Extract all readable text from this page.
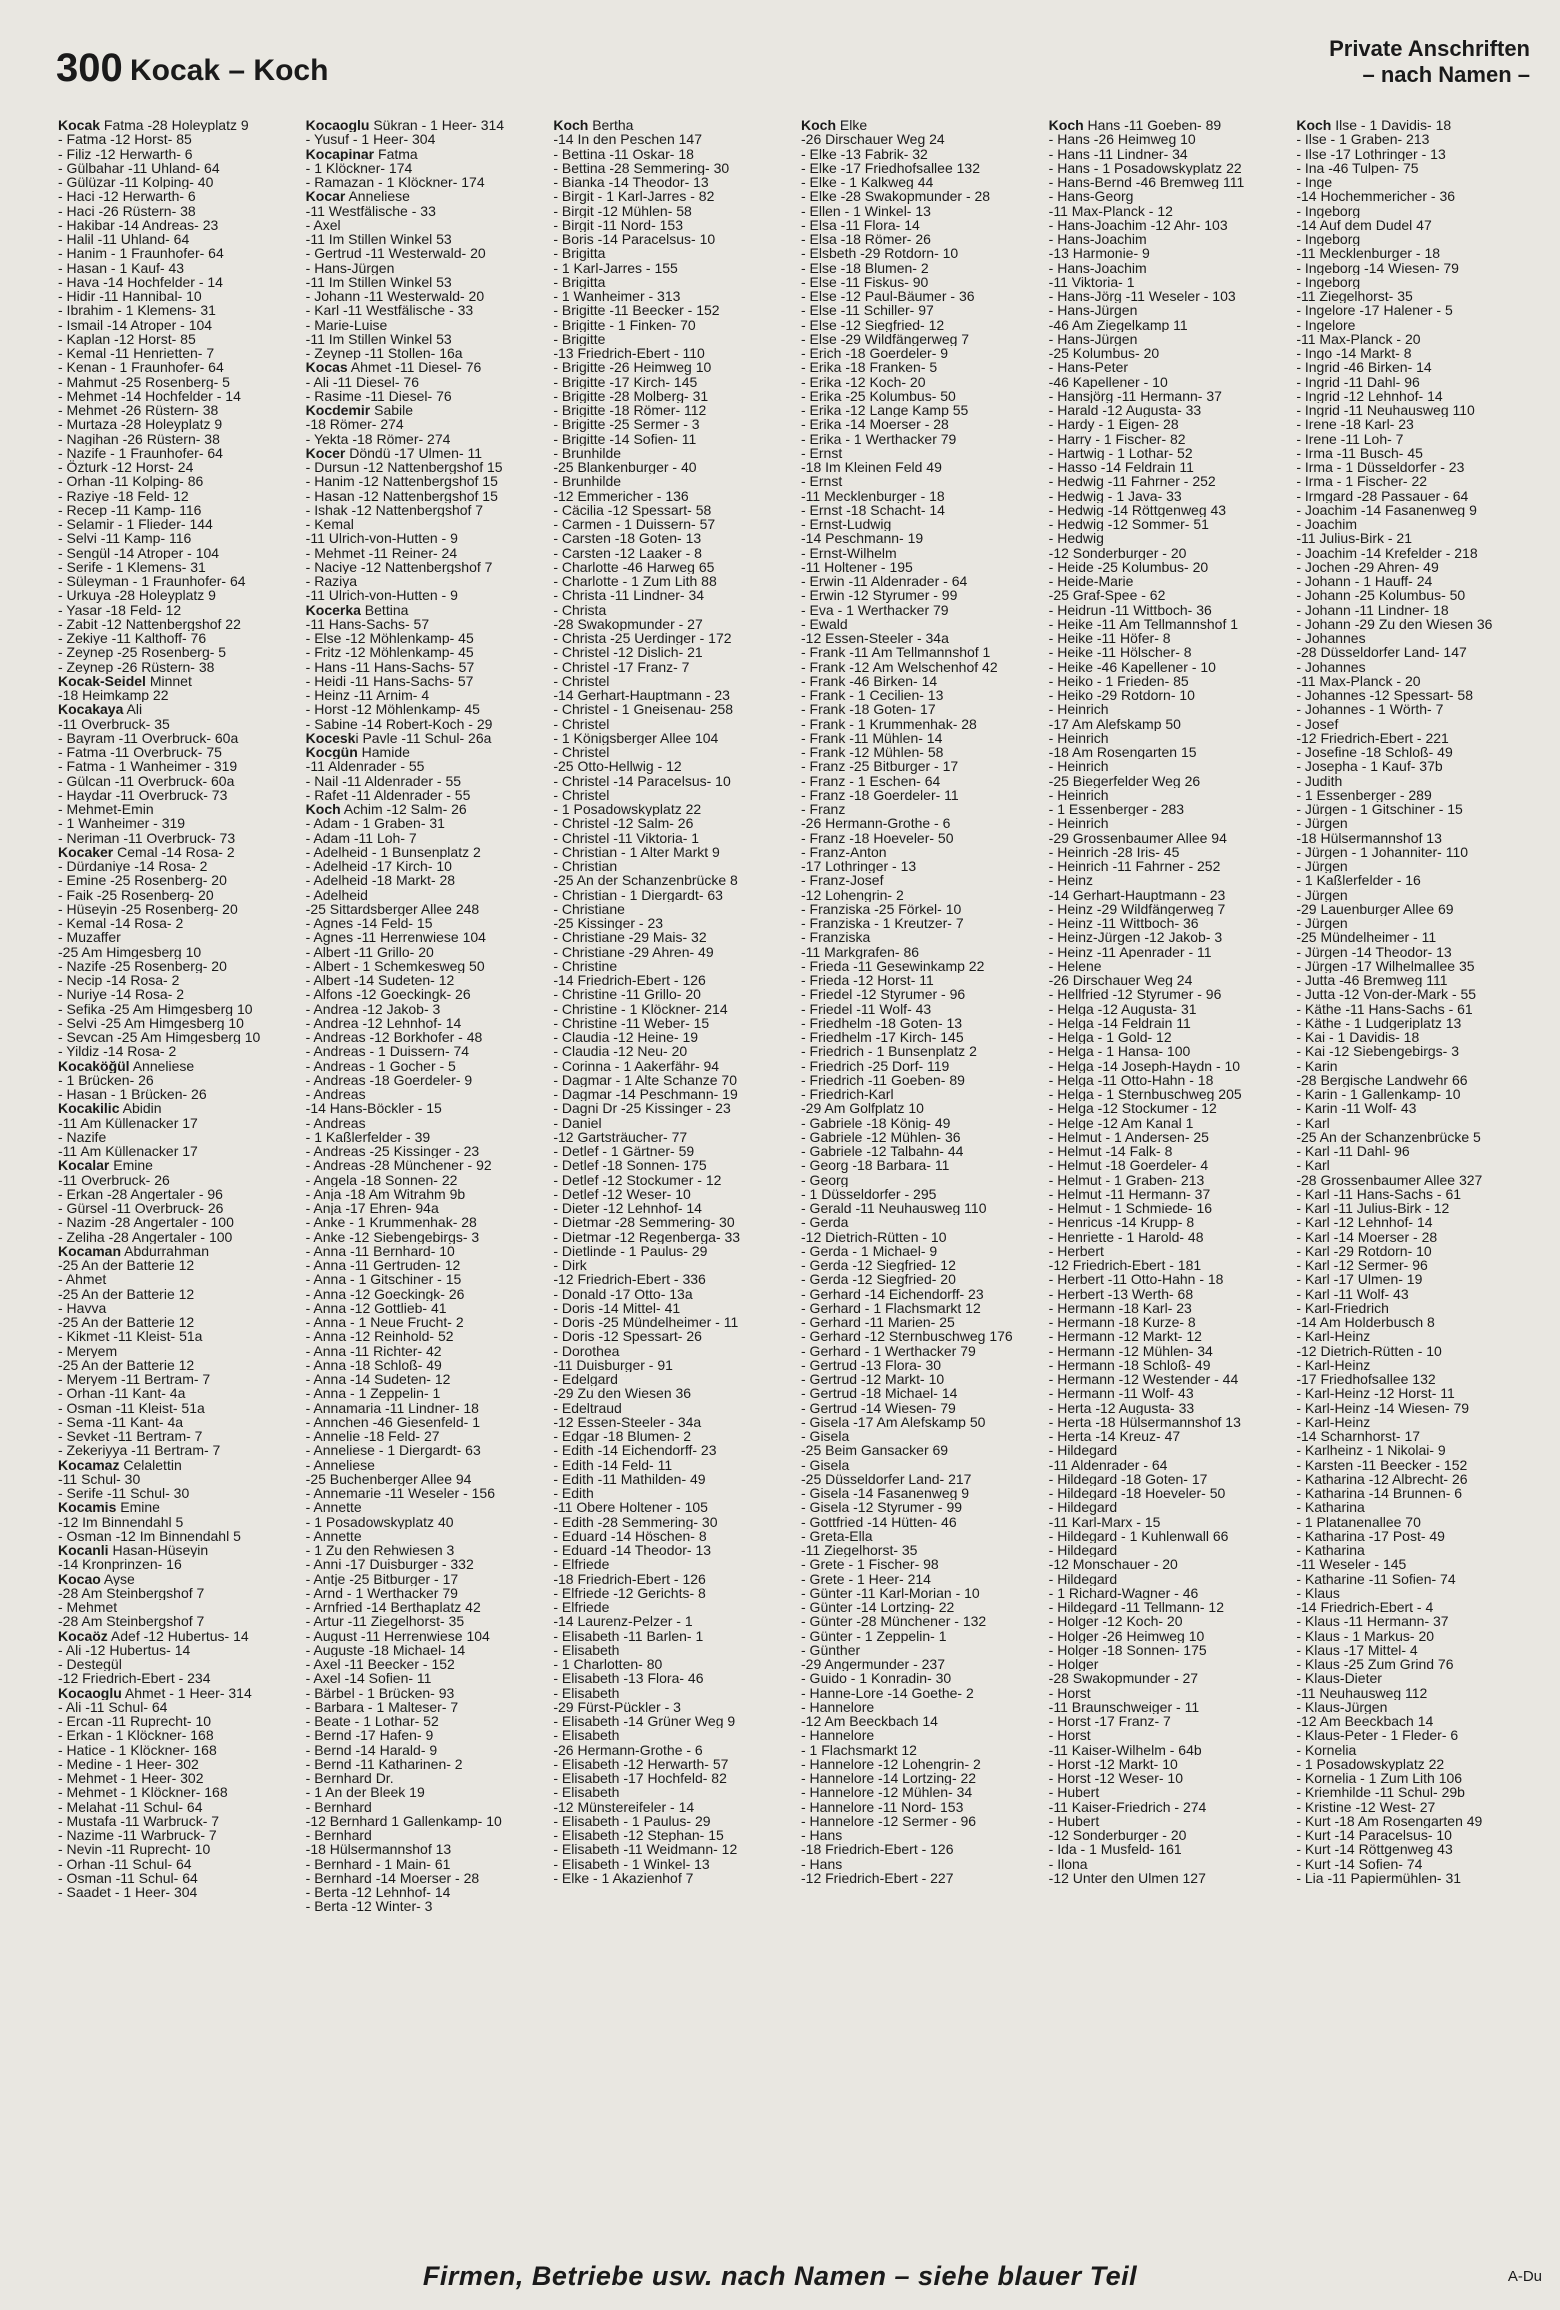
300 Kocak – Koch
Private Anschriften
– nach Namen –
Kocak Fatma -28 Holeyplatz 9
- Fatma -12 Horst- 85
- Filiz -12 Herwarth- 6
- Gülbahar -11 Uhland- 64
- Gülüzar -11 Kolping- 40
- Haci -12 Herwarth- 6
- Haci -26 Rüstern- 38
- Hakibar -14 Andreas- 23
- Halil -11 Uhland- 64
- Hanim - 1 Fraunhofer- 64
- Hasan - 1 Kauf- 43
- Hava -14 Hochfelder - 14
- Hidir -11 Hannibal- 10
- Ibrahim - 1 Klemens- 31
- Ismail -14 Atroper - 104
- Kaplan -12 Horst- 85
- Kemal -11 Henrietten- 7
- Kenan - 1 Fraunhofer- 64
- Mahmut -25 Rosenberg- 5
- Mehmet -14 Hochfelder - 14
- Mehmet -26 Rüstern- 38
- Murtaza -28 Holeyplatz 9
- Nagihan -26 Rüstern- 38
- Nazife - 1 Fraunhofer- 64
- Özturk -12 Horst- 24
- Orhan -11 Kolping- 86
- Raziye -18 Feld- 12
- Recep -11 Kamp- 116
- Selamir - 1 Flieder- 144
- Selvi -11 Kamp- 116
- Sengül -14 Atroper - 104
- Serife - 1 Klemens- 31
- Süleyman - 1 Fraunhofer- 64
- Urkuya -28 Holeyplatz 9
- Yasar -18 Feld- 12
- Zabit -12 Nattenbergshof 22
- Zekiye -11 Kalthoff- 76
- Zeynep -25 Rosenberg- 5
- Zeynep -26 Rüstern- 38
Kocak-Seidel Minnet
-18 Heimkamp 22
Kocakaya Ali
-11 Overbruck- 35
- Bayram -11 Overbruck- 60a
- Fatma -11 Overbruck- 75
- Fatma - 1 Wanheimer - 319
- Gülcan -11 Overbruck- 60a
- Haydar -11 Overbruck- 73
- Mehmet-Emin
- 1 Wanheimer - 319
- Neriman -11 Overbruck- 73
Kocaker Cemal -14 Rosa- 2
- Dürdaniye -14 Rosa- 2
- Emine -25 Rosenberg- 20
- Faik -25 Rosenberg- 20
- Hüseyin -25 Rosenberg- 20
- Kemal -14 Rosa- 2
- Muzaffer
-25 Am Himgesberg 10
- Nazife -25 Rosenberg- 20
- Necip -14 Rosa- 2
- Nuriye -14 Rosa- 2
- Sefika -25 Am Himgesberg 10
- Selvi -25 Am Himgesberg 10
- Sevcan -25 Am Himgesberg 10
- Yildiz -14 Rosa- 2
Kocaköğül Anneliese
- 1 Brücken- 26
- Hasan - 1 Brücken- 26
Kocakilic Abidin
-11 Am Küllenacker 17
- Nazife
-11 Am Küllenacker 17
Kocalar Emine
-11 Overbruck- 26
- Erkan -28 Angertaler - 96
- Gürsel -11 Overbruck- 26
- Nazim -28 Angertaler - 100
- Zeliha -28 Angertaler - 100
Kocaman Abdurrahman
-25 An der Batterie 12
- Ahmet
-25 An der Batterie 12
- Havva
-25 An der Batterie 12
- Kikmet -11 Kleist- 51a
- Meryem
-25 An der Batterie 12
- Meryem -11 Bertram- 7
- Orhan -11 Kant- 4a
- Osman -11 Kleist- 51a
- Sema -11 Kant- 4a
- Sevket -11 Bertram- 7
- Zekeriyya -11 Bertram- 7
Kocamaz Celalettin
-11 Schul- 30
- Serife -11 Schul- 30
Kocamis Emine
-12 Im Binnendahl 5
- Osman -12 Im Binnendahl 5
Kocanli Hasan-Hüseyin
-14 Kronprinzen- 16
Kocao Ayse
-28 Am Steinbergshof 7
- Mehmet
-28 Am Steinbergshof 7
Kocaöz Adef -12 Hubertus- 14
- Ali -12 Hubertus- 14
- Destegül
-12 Friedrich-Ebert - 234
Kocaoglu Ahmet - 1 Heer- 314
- Ali -11 Schul- 64
- Ercan -11 Ruprecht- 10
- Erkan - 1 Klöckner- 168
- Hatice - 1 Klöckner- 168
- Medine - 1 Heer- 302
- Mehmet - 1 Heer- 302
- Mehmet - 1 Klöckner- 168
- Melahat -11 Schul- 64
- Mustafa -11 Warbruck- 7
- Nazime -11 Warbruck- 7
- Nevin -11 Ruprecht- 10
- Orhan -11 Schul- 64
- Osman -11 Schul- 64
- Saadet - 1 Heer- 304
Kocaoglu Sükran - 1 Heer- 314
- Yusuf - 1 Heer- 304
Kocapinar Fatma
- 1 Klöckner- 174
- Ramazan - 1 Klöckner- 174
Kocar Anneliese
-11 Westfälische - 33
- Axel
-11 Im Stillen Winkel 53
- Gertrud -11 Westerwald- 20
- Hans-Jürgen
-11 Im Stillen Winkel 53
- Johann -11 Westerwald- 20
- Karl -11 Westfälische - 33
- Marie-Luise
-11 Im Stillen Winkel 53
- Zeynep -11 Stollen- 16a
Kocas Ahmet -11 Diesel- 76
- Ali -11 Diesel- 76
- Rasime -11 Diesel- 76
Kocdemir Sabile
-18 Römer- 274
- Yekta -18 Römer- 274
Kocer Döndü -17 Ulmen- 11
- Dursun -12 Nattenbergshof 15
- Hanim -12 Nattenbergshof 15
- Hasan -12 Nattenbergshof 15
- Ishak -12 Nattenbergshof 7
- Kemal
-11 Ulrich-von-Hutten - 9
- Mehmet -11 Reiner- 24
- Naciye -12 Nattenbergshof 7
- Raziya
-11 Ulrich-von-Hutten - 9
Kocerka Bettina
-11 Hans-Sachs- 57
- Else -12 Möhlenkamp- 45
- Fritz -12 Möhlenkamp- 45
- Hans -11 Hans-Sachs- 57
- Heidi -11 Hans-Sachs- 57
- Heinz -11 Arnim- 4
- Horst -12 Möhlenkamp- 45
- Sabine -14 Robert-Koch - 29
Koceski Pavle -11 Schul- 26a
Kocgün Hamide
-11 Aldenrader - 55
- Nail -11 Aldenrader - 55
- Rafet -11 Aldenrader - 55
Koch Achim -12 Salm- 26
- Adam - 1 Graben- 31
- Adam -11 Loh- 7
- Adelheid - 1 Bunsenplatz 2
- Adelheid -17 Kirch- 10
- Adelheid -18 Markt- 28
- Adelheid
-25 Sittardsberger Allee 248
- Agnes -14 Feld- 15
- Agnes -11 Herrenwiese 104
- Albert -11 Grillo- 20
- Albert - 1 Schemkesweg 50
- Albert -14 Sudeten- 12
- Alfons -12 Goeckingk- 26
- Andrea -12 Jakob- 3
- Andrea -12 Lehnhof- 14
- Andreas -12 Borkhofer - 48
- Andreas - 1 Duissern- 74
- Andreas - 1 Gocher - 5
- Andreas -18 Goerdeler- 9
- Andreas
-14 Hans-Böckler - 15
- Andreas
- 1 Kaßlerfelder - 39
- Andreas -25 Kissinger - 23
- Andreas -28 Münchener - 92
- Angela -18 Sonnen- 22
- Anja -18 Am Witrahm 9b
- Anja -17 Ehren- 94a
- Anke - 1 Krummenhak- 28
- Anke -12 Siebengebirgs- 3
- Anna -11 Bernhard- 10
- Anna -11 Gertruden- 12
- Anna - 1 Gitschiner - 15
- Anna -12 Goeckingk- 26
- Anna -12 Gottlieb- 41
- Anna - 1 Neue Frucht- 2
- Anna -12 Reinhold- 52
- Anna -11 Richter- 42
- Anna -18 Schloß- 49
- Anna -14 Sudeten- 12
- Anna - 1 Zeppelin- 1
- Annamaria -11 Lindner- 18
- Annchen -46 Giesenfeld- 1
- Annelie -18 Feld- 27
- Anneliese - 1 Diergardt- 63
- Anneliese
-25 Buchenberger Allee 94
- Annemarie -11 Weseler - 156
- Annette
- 1 Posadowskyplatz 40
- Annette
- 1 Zu den Rehwiesen 3
- Anni -17 Duisburger - 332
- Antje -25 Bitburger - 17
- Arnd - 1 Werthacker 79
- Arnfried -14 Berthaplatz 42
- Artur -11 Ziegelhorst- 35
- August -11 Herrenwiese 104
- Auguste -18 Michael- 14
- Axel -11 Beecker - 152
- Axel -14 Sofien- 11
- Bärbel - 1 Brücken- 93
- Barbara - 1 Malteser- 7
- Beate - 1 Lothar- 52
- Bernd -17 Hafen- 9
- Bernd -14 Harald- 9
- Bernd -11 Katharinen- 2
- Bernhard Dr.
- 1 An der Bleek 19
- Bernhard
-12 Bernhard 1 Gallenkamp- 10
- Bernhard
-18 Hülsermannshof 13
- Bernhard - 1 Main- 61
- Bernhard -14 Moerser - 28
- Berta -12 Lehnhof- 14
- Berta -12 Winter- 3
Koch Bertha
-14 In den Peschen 147
- Bettina -11 Oskar- 18
- Bettina -28 Semmering- 30
- Bianka -14 Theodor- 13
- Birgit - 1 Karl-Jarres - 82
- Birgit -12 Mühlen- 58
- Birgit -11 Nord- 153
- Boris -14 Paracelsus- 10
- Brigitta
- 1 Karl-Jarres - 155
- Brigitta
- 1 Wanheimer - 313
- Brigitte -11 Beecker - 152
- Brigitte - 1 Finken- 70
- Brigitte
-13 Friedrich-Ebert - 110
- Brigitte -26 Heimweg 10
- Brigitte -17 Kirch- 145
- Brigitte -28 Molberg- 31
- Brigitte -18 Römer- 112
- Brigitte -25 Sermer - 3
- Brigitte -14 Sofien- 11
- Brunhilde
-25 Blankenburger - 40
- Brunhilde
-12 Emmericher - 136
- Cäcilia -12 Spessart- 58
- Carmen - 1 Duissern- 57
- Carsten -18 Goten- 13
- Carsten -12 Laaker - 8
- Charlotte -46 Harweg 65
- Charlotte - 1 Zum Lith 88
- Christa -11 Lindner- 34
- Christa
-28 Swakopmunder - 27
- Christa -25 Uerdinger - 172
- Christel -12 Dislich- 21
- Christel -17 Franz- 7
- Christel
-14 Gerhart-Hauptmann - 23
- Christel - 1 Gneisenau- 258
- Christel
- 1 Königsberger Allee 104
- Christel
-25 Otto-Hellwig - 12
- Christel -14 Paracelsus- 10
- Christel
- 1 Posadowskyplatz 22
- Christel -12 Salm- 26
- Christel -11 Viktoria- 1
- Christian - 1 Alter Markt 9
- Christian
-25 An der Schanzenbrücke 8
- Christian - 1 Diergardt- 63
- Christiane
-25 Kissinger - 23
- Christiane -29 Mais- 32
- Christiane -29 Ahren- 49
- Christine
-14 Friedrich-Ebert - 126
- Christine -11 Grillo- 20
- Christine - 1 Klöckner- 214
- Christine -11 Weber- 15
- Claudia -12 Heine- 19
- Claudia -12 Neu- 20
- Corinna - 1 Aakerfähr- 94
- Dagmar - 1 Alte Schanze 70
- Dagmar -14 Peschmann- 19
- Dagni Dr -25 Kissinger - 23
- Daniel
-12 Gartsträucher- 77
- Detlef - 1 Gärtner- 59
- Detlef -18 Sonnen- 175
- Detlef -12 Stockumer - 12
- Detlef -12 Weser- 10
- Dieter -12 Lehnhof- 14
- Dietmar -28 Semmering- 30
- Dietmar -12 Regenberga- 33
- Dietlinde - 1 Paulus- 29
- Dirk
-12 Friedrich-Ebert - 336
- Donald -17 Otto- 13a
- Doris -14 Mittel- 41
- Doris -25 Mündelheimer - 11
- Doris -12 Spessart- 26
- Dorothea
-11 Duisburger - 91
- Edelgard
-29 Zu den Wiesen 36
- Edeltraud
-12 Essen-Steeler - 34a
- Edgar -18 Blumen- 2
- Edith -14 Eichendorff- 23
- Edith -14 Feld- 11
- Edith -11 Mathilden- 49
- Edith
-11 Obere Holtener - 105
- Edith -28 Semmering- 30
- Eduard -14 Höschen- 8
- Eduard -14 Theodor- 13
- Elfriede
-18 Friedrich-Ebert - 126
- Elfriede -12 Gerichts- 8
- Elfriede
-14 Laurenz-Pelzer - 1
- Elisabeth -11 Barlen- 1
- Elisabeth
- 1 Charlotten- 80
- Elisabeth -13 Flora- 46
- Elisabeth
-29 Fürst-Pückler - 3
- Elisabeth -14 Grüner Weg 9
- Elisabeth
-26 Hermann-Grothe - 6
- Elisabeth -12 Herwarth- 57
- Elisabeth -17 Hochfeld- 82
- Elisabeth
-12 Münstereifeler - 14
- Elisabeth - 1 Paulus- 29
- Elisabeth -12 Stephan- 15
- Elisabeth -11 Weidmann- 12
- Elisabeth - 1 Winkel- 13
- Elke - 1 Akazienhof 7
Koch Elke
-26 Dirschauer Weg 24
- Elke -13 Fabrik- 32
- Elke -17 Friedhofsallee 132
- Elke - 1 Kalkweg 44
- Elke -28 Swakopmunder - 28
- Ellen - 1 Winkel- 13
- Elsa -11 Flora- 14
- Elsa -18 Römer- 26
- Elsbeth -29 Rotdorn- 10
- Else -18 Blumen- 2
- Else -11 Fiskus- 90
- Else -12 Paul-Bäumer - 36
- Else -11 Schiller- 97
- Else -12 Siegfried- 12
- Else -29 Wildfängerweg 7
- Erich -18 Goerdeler- 9
- Erika -18 Franken- 5
- Erika -12 Koch- 20
- Erika -25 Kolumbus- 50
- Erika -12 Lange Kamp 55
- Erika -14 Moerser - 28
- Erika - 1 Werthacker 79
- Ernst
-18 Im Kleinen Feld 49
- Ernst
-11 Mecklenburger - 18
- Ernst -18 Schacht- 14
- Ernst-Ludwig
-14 Peschmann- 19
- Ernst-Wilhelm
-11 Holtener - 195
- Erwin -11 Aldenrader - 64
- Erwin -12 Styrumer - 99
- Eva - 1 Werthacker 79
- Ewald
-12 Essen-Steeler - 34a
- Frank -11 Am Tellmannshof 1
- Frank -12 Am Welschenhof 42
- Frank -46 Birken- 14
- Frank - 1 Cecilien- 13
- Frank -18 Goten- 17
- Frank - 1 Krummenhak- 28
- Frank -11 Mühlen- 14
- Frank -12 Mühlen- 58
- Franz -25 Bitburger - 17
- Franz - 1 Eschen- 64
- Franz -18 Goerdeler- 11
- Franz
-26 Hermann-Grothe - 6
- Franz -18 Hoeveler- 50
- Franz-Anton
-17 Lothringer - 13
- Franz-Josef
-12 Lohengrin- 2
- Franziska -25 Förkel- 10
- Franziska - 1 Kreutzer- 7
- Franziska
-11 Markgrafen- 86
- Frieda -11 Gesewinkamp 22
- Frieda -12 Horst- 11
- Friedel -12 Styrumer - 96
- Friedel -11 Wolf- 43
- Friedhelm -18 Goten- 13
- Friedhelm -17 Kirch- 145
- Friedrich - 1 Bunsenplatz 2
- Friedrich -25 Dorf- 119
- Friedrich -11 Goeben- 89
- Friedrich-Karl
-29 Am Golfplatz 10
- Gabriele -18 König- 49
- Gabriele -12 Mühlen- 36
- Gabriele -12 Talbahn- 44
- Georg -18 Barbara- 11
- Georg
- 1 Düsseldorfer - 295
- Gerald -11 Neuhausweg 110
- Gerda
-12 Dietrich-Rütten - 10
- Gerda - 1 Michael- 9
- Gerda -12 Siegfried- 12
- Gerda -12 Siegfried- 20
- Gerhard -14 Eichendorff- 23
- Gerhard - 1 Flachsmarkt 12
- Gerhard -11 Marien- 25
- Gerhard -12 Sternbuschweg 176
- Gerhard - 1 Werthacker 79
- Gertrud -13 Flora- 30
- Gertrud -12 Markt- 10
- Gertrud -18 Michael- 14
- Gertrud -14 Wiesen- 79
- Gisela -17 Am Alefskamp 50
- Gisela
-25 Beim Gansacker 69
- Gisela
-25 Düsseldorfer Land- 217
- Gisela -14 Fasanenweg 9
- Gisela -12 Styrumer - 99
- Gottfried -14 Hütten- 46
- Greta-Ella
-11 Ziegelhorst- 35
- Grete - 1 Fischer- 98
- Grete - 1 Heer- 214
- Günter -11 Karl-Morian - 10
- Günter -14 Lortzing- 22
- Günter -28 Münchener - 132
- Günter - 1 Zeppelin- 1
- Günther
-29 Angermunder - 237
- Guido - 1 Konradin- 30
- Hanne-Lore -14 Goethe- 2
- Hannelore
-12 Am Beeckbach 14
- Hannelore
- 1 Flachsmarkt 12
- Hannelore -12 Lohengrin- 2
- Hannelore -14 Lortzing- 22
- Hannelore -12 Mühlen- 34
- Hannelore -11 Nord- 153
- Hannelore -12 Sermer - 96
- Hans
-18 Friedrich-Ebert - 126
- Hans
-12 Friedrich-Ebert - 227
Koch Hans -11 Goeben- 89
- Hans -26 Heimweg 10
- Hans -11 Lindner- 34
- Hans - 1 Posadowskyplatz 22
- Hans-Bernd -46 Bremweg 111
- Hans-Georg
-11 Max-Planck - 12
- Hans-Joachim -12 Ahr- 103
- Hans-Joachim
-13 Harmonie- 9
- Hans-Joachim
-11 Viktoria- 1
- Hans-Jörg -11 Weseler - 103
- Hans-Jürgen
-46 Am Ziegelkamp 11
- Hans-Jürgen
-25 Kolumbus- 20
- Hans-Peter
-46 Kapellener - 10
- Hansjörg -11 Hermann- 37
- Harald -12 Augusta- 33
- Hardy - 1 Eigen- 28
- Harry - 1 Fischer- 82
- Hartwig - 1 Lothar- 52
- Hasso -14 Feldrain 11
- Hedwig -11 Fahrner - 252
- Hedwig - 1 Java- 33
- Hedwig -14 Röttgenweg 43
- Hedwig -12 Sommer- 51
- Hedwig
-12 Sonderburger - 20
- Heide -25 Kolumbus- 20
- Heide-Marie
-25 Graf-Spee - 62
- Heidrun -11 Wittboch- 36
- Heike -11 Am Tellmannshof 1
- Heike -11 Höfer- 8
- Heike -11 Hölscher- 8
- Heike -46 Kapellener - 10
- Heiko - 1 Frieden- 85
- Heiko -29 Rotdorn- 10
- Heinrich
-17 Am Alefskamp 50
- Heinrich
-18 Am Rosengarten 15
- Heinrich
-25 Biegerfelder Weg 26
- Heinrich
- 1 Essenberger - 283
- Heinrich
-29 Grossenbaumer Allee 94
- Heinrich -28 Iris- 45
- Heinrich -11 Fahrner - 252
- Heinz
-14 Gerhart-Hauptmann - 23
- Heinz -29 Wildfängerweg 7
- Heinz -11 Wittboch- 36
- Heinz-Jürgen -12 Jakob- 3
- Heinz -11 Apenrader - 11
- Helene
-26 Dirschauer Weg 24
- Hellfried -12 Styrumer - 96
- Helga -12 Augusta- 31
- Helga -14 Feldrain 11
- Helga - 1 Gold- 12
- Helga - 1 Hansa- 100
- Helga -14 Joseph-Haydn - 10
- Helga -11 Otto-Hahn - 18
- Helga - 1 Sternbuschweg 205
- Helga -12 Stockumer - 12
- Helge -12 Am Kanal 1
- Helmut - 1 Andersen- 25
- Helmut -14 Falk- 8
- Helmut -18 Goerdeler- 4
- Helmut - 1 Graben- 213
- Helmut -11 Hermann- 37
- Helmut - 1 Schmiede- 16
- Henricus -14 Krupp- 8
- Henriette - 1 Harold- 48
- Herbert
-12 Friedrich-Ebert - 181
- Herbert -11 Otto-Hahn - 18
- Herbert -13 Werth- 68
- Hermann -18 Karl- 23
- Hermann -18 Kurze- 8
- Hermann -12 Markt- 12
- Hermann -12 Mühlen- 34
- Hermann -18 Schloß- 49
- Hermann -12 Westender - 44
- Hermann -11 Wolf- 43
- Herta -12 Augusta- 33
- Herta -18 Hülsermannshof 13
- Herta -14 Kreuz- 47
- Hildegard
-11 Aldenrader - 64
- Hildegard -18 Goten- 17
- Hildegard -18 Hoeveler- 50
- Hildegard
-11 Karl-Marx - 15
- Hildegard - 1 Kuhlenwall 66
- Hildegard
-12 Monschauer - 20
- Hildegard
- 1 Richard-Wagner - 46
- Hildegard -11 Tellmann- 12
- Holger -12 Koch- 20
- Holger -26 Heimweg 10
- Holger -18 Sonnen- 175
- Holger
-28 Swakopmunder - 27
- Horst
-11 Braunschweiger - 11
- Horst -17 Franz- 7
- Horst
-11 Kaiser-Wilhelm - 64b
- Horst -12 Markt- 10
- Horst -12 Weser- 10
- Hubert
-11 Kaiser-Friedrich - 274
- Hubert
-12 Sonderburger - 20
- Ida - 1 Musfeld- 161
- Ilona
-12 Unter den Ulmen 127
Koch Ilse - 1 Davidis- 18
- Ilse - 1 Graben- 213
- Ilse -17 Lothringer - 13
- Ina -46 Tulpen- 75
- Inge
-14 Hochemmericher - 36
- Ingeborg
-14 Auf dem Dudel 47
- Ingeborg
-11 Mecklenburger - 18
- Ingeborg -14 Wiesen- 79
- Ingeborg
-11 Ziegelhorst- 35
- Ingelore -17 Halener - 5
- Ingelore
-11 Max-Planck - 20
- Ingo -14 Markt- 8
- Ingrid -46 Birken- 14
- Ingrid -11 Dahl- 96
- Ingrid -12 Lehnhof- 14
- Ingrid -11 Neuhausweg 110
- Irene -18 Karl- 23
- Irene -11 Loh- 7
- Irma -11 Busch- 45
- Irma - 1 Düsseldorfer - 23
- Irma - 1 Fischer- 22
- Irmgard -28 Passauer - 64
- Joachim -14 Fasanenweg 9
- Joachim
-11 Julius-Birk - 21
- Joachim -14 Krefelder - 218
- Jochen -29 Ahren- 49
- Johann - 1 Hauff- 24
- Johann -25 Kolumbus- 50
- Johann -11 Lindner- 18
- Johann -29 Zu den Wiesen 36
- Johannes
-28 Düsseldorfer Land- 147
- Johannes
-11 Max-Planck - 20
- Johannes -12 Spessart- 58
- Johannes - 1 Wörth- 7
- Josef
-12 Friedrich-Ebert - 221
- Josefine -18 Schloß- 49
- Josepha - 1 Kauf- 37b
- Judith
- 1 Essenberger - 289
- Jürgen - 1 Gitschiner - 15
- Jürgen
-18 Hülsermannshof 13
- Jürgen - 1 Johanniter- 110
- Jürgen
- 1 Kaßlerfelder - 16
- Jürgen
-29 Lauenburger Allee 69
- Jürgen
-25 Mündelheimer - 11
- Jürgen -14 Theodor- 13
- Jürgen -17 Wilhelmallee 35
- Jutta -46 Bremweg 111
- Jutta -12 Von-der-Mark - 55
- Käthe -11 Hans-Sachs - 61
- Käthe - 1 Ludgeriplatz 13
- Kai - 1 Davidis- 18
- Kai -12 Siebengebirgs- 3
- Karin
-28 Bergische Landwehr 66
- Karin - 1 Gallenkamp- 10
- Karin -11 Wolf- 43
- Karl
-25 An der Schanzenbrücke 5
- Karl -11 Dahl- 96
- Karl
-28 Grossenbaumer Allee 327
- Karl -11 Hans-Sachs - 61
- Karl -11 Julius-Birk - 12
- Karl -12 Lehnhof- 14
- Karl -14 Moerser - 28
- Karl -29 Rotdorn- 10
- Karl -12 Sermer- 96
- Karl -17 Ulmen- 19
- Karl -11 Wolf- 43
- Karl-Friedrich
-14 Am Holderbusch 8
- Karl-Heinz
-12 Dietrich-Rütten - 10
- Karl-Heinz
-17 Friedhofsallee 132
- Karl-Heinz -12 Horst- 11
- Karl-Heinz -14 Wiesen- 79
- Karl-Heinz
-14 Scharnhorst- 17
- Karlheinz - 1 Nikolai- 9
- Karsten -11 Beecker - 152
- Katharina -12 Albrecht- 26
- Katharina -14 Brunnen- 6
- Katharina
- 1 Platanenallee 70
- Katharina -17 Post- 49
- Katharina
-11 Weseler - 145
- Katharine -11 Sofien- 74
- Klaus
-14 Friedrich-Ebert - 4
- Klaus -11 Hermann- 37
- Klaus - 1 Markus- 20
- Klaus -17 Mittel- 4
- Klaus -25 Zum Grind 76
- Klaus-Dieter
-11 Neuhausweg 112
- Klaus-Jürgen
-12 Am Beeckbach 14
- Klaus-Peter - 1 Fleder- 6
- Kornelia
- 1 Posadowskyplatz 22
- Kornelia - 1 Zum Lith 106
- Kriemhilde -11 Schul- 29b
- Kristine -12 West- 27
- Kurt -18 Am Rosengarten 49
- Kurt -14 Paracelsus- 10
- Kurt -14 Röttgenweg 43
- Kurt -14 Sofien- 74
- Lia -11 Papiermühlen- 31
Firmen, Betriebe usw. nach Namen – siehe blauer Teil	A-Du
